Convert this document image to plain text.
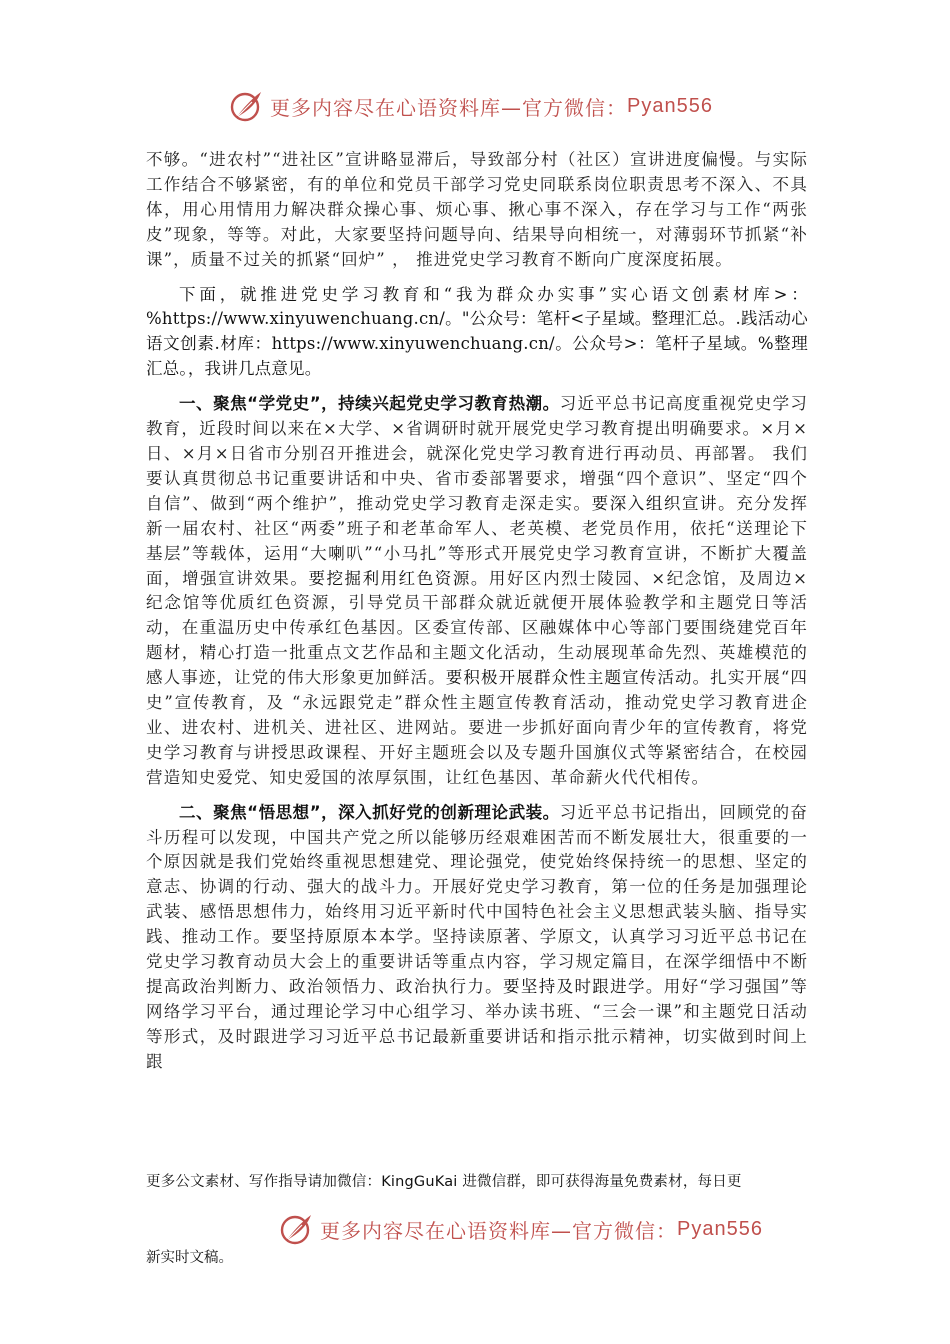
更多内容尽在心语资料库—官方微信： Pyan556

不够。“进农村”“进社区”宣讲略显滞后，导致部分村（社区）宣讲进度偏慢。与实际工作结合不够紧密，有的单位和党员干部学习党史同联系岗位职责思考不深入、不具体，用心用情用力解决群众操心事、烦心事、揪心事不深入，存在学习与工作“两张皮”现象，等等。对此，大家要坚持问题导向、结果导向相统一，对薄弱环节抓紧“补课”，质量不过关的抓紧“回炉” ， 推进党史学习教育不断向广度深度拓展。

下面，就推进党史学习教育和“我为群众办实事”实心语文创素材库>：%https://www.xinyuwenchuang.cn/。"公众号：笔杆<子星域。整理汇总。.践活动心语文创素.材库：https://www.xinyuwenchuang.cn/。公众号>：笔杆子星域。%整理汇总。，我讲几点意见。

一、聚焦“学党史”，持续兴起党史学习教育热潮。习近平总书记高度重视党史学习教育，近段时间以来在×大学、×省调研时就开展党史学习教育提出明确要求。×月×日、×月×日省市分别召开推进会，就深化党史学习教育进行再动员、再部署。 我们要认真贯彻总书记重要讲话和中央、省市委部署要求，增强“四个意识”、坚定“四个自信”、做到“两个维护”，推动党史学习教育走深走实。要深入组织宣讲。充分发挥新一届农村、社区“两委”班子和老革命军人、老英模、老党员作用，依托“送理论下基层”等载体，运用“大喇叭”“小马扎”等形式开展党史学习教育宣讲，不断扩大覆盖面，增强宣讲效果。要挖掘利用红色资源。用好区内烈士陵园、×纪念馆，及周边×纪念馆等优质红色资源，引导党员干部群众就近就便开展体验教学和主题党日等活动，在重温历史中传承红色基因。区委宣传部、区融媒体中心等部门要围绕建党百年题材，精心打造一批重点文艺作品和主题文化活动，生动展现革命先烈、英雄模范的感人事迹，让党的伟大形象更加鲜活。要积极开展群众性主题宣传活动。扎实开展“四史”宣传教育，及 “永远跟党走”群众性主题宣传教育活动，推动党史学习教育进企业、进农村、进机关、进社区、进网站。要进一步抓好面向青少年的宣传教育，将党史学习教育与讲授思政课程、开好主题班会以及专题升国旗仪式等紧密结合，在校园营造知史爱党、知史爱国的浓厚氛围，让红色基因、革命薪火代代相传。

二、聚焦“悟思想”，深入抓好党的创新理论武装。习近平总书记指出，回顾党的奋斗历程可以发现，中国共产党之所以能够历经艰难困苦而不断发展壮大，很重要的一个原因就是我们党始终重视思想建党、理论强党，使党始终保持统一的思想、坚定的意志、协调的行动、强大的战斗力。开展好党史学习教育，第一位的任务是加强理论武装、感悟思想伟力，始终用习近平新时代中国特色社会主义思想武装头脑、指导实践、推动工作。要坚持原原本本学。坚持读原著、学原文，认真学习习近平总书记在党史学习教育动员大会上的重要讲话等重点内容，学习规定篇目，在深学细悟中不断提高政治判断力、政治领悟力、政治执行力。要坚持及时跟进学。用好“学习强国”等网络学习平台，通过理论学习中心组学习、举办读书班、“三会一课”和主题党日活动等形式，及时跟进学习习近平总书记最新重要讲话和指示批示精神，切实做到时间上跟

更多公文素材、写作指导请加微信：KingGuKai 进微信群，即可获得海量免费素材，每日更
更多内容尽在心语资料库—官方微信： Pyan556
新实时文稿。
